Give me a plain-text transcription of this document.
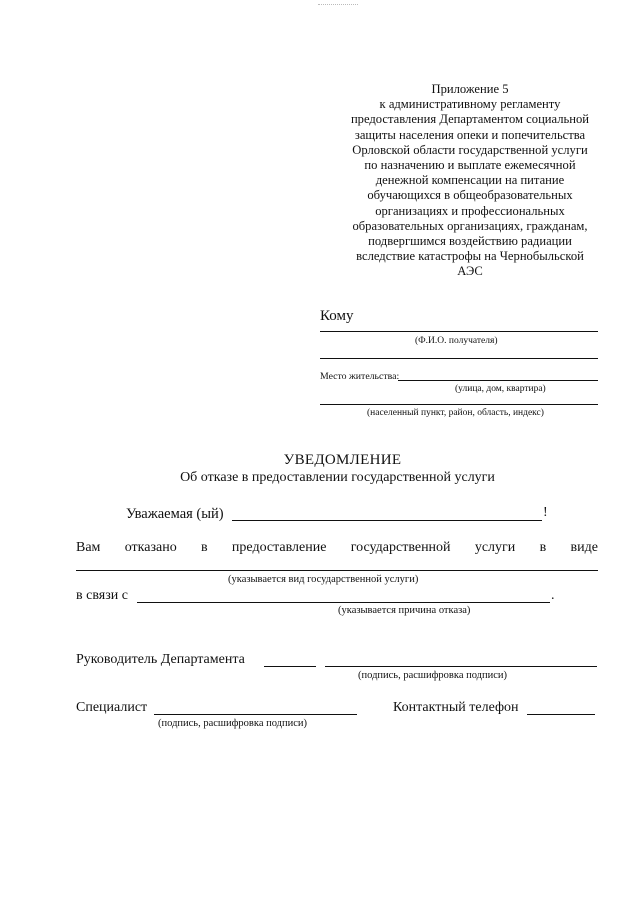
Приложение 5
к административному регламенту
предоставления Департаментом социальной
защиты населения опеки и попечительства
Орловской области государственной услуги
по назначению и выплате ежемесячной
денежной компенсации на питание
обучающихся в общеобразовательных
организациях и профессиональных
образовательных организациях, гражданам,
подвергшимся воздействию радиации
вследствие катастрофы на Чернобыльской
АЭС
Кому
(Ф.И.О. получателя)
Место жительства:
(улица, дом, квартира)
(населенный пункт, район, область, индекс)
УВЕДОМЛЕНИЕ
Об отказе в предоставлении государственной услуги
Уважаемая (ый)	!
Вам отказано в предоставление государственной услуги в виде
(указывается вид государственной услуги)
в связи с	.
(указывается причина отказа)
Руководитель Департамента
(подпись, расшифровка подписи)
Специалист
(подпись, расшифровка подписи)
Контактный телефон
